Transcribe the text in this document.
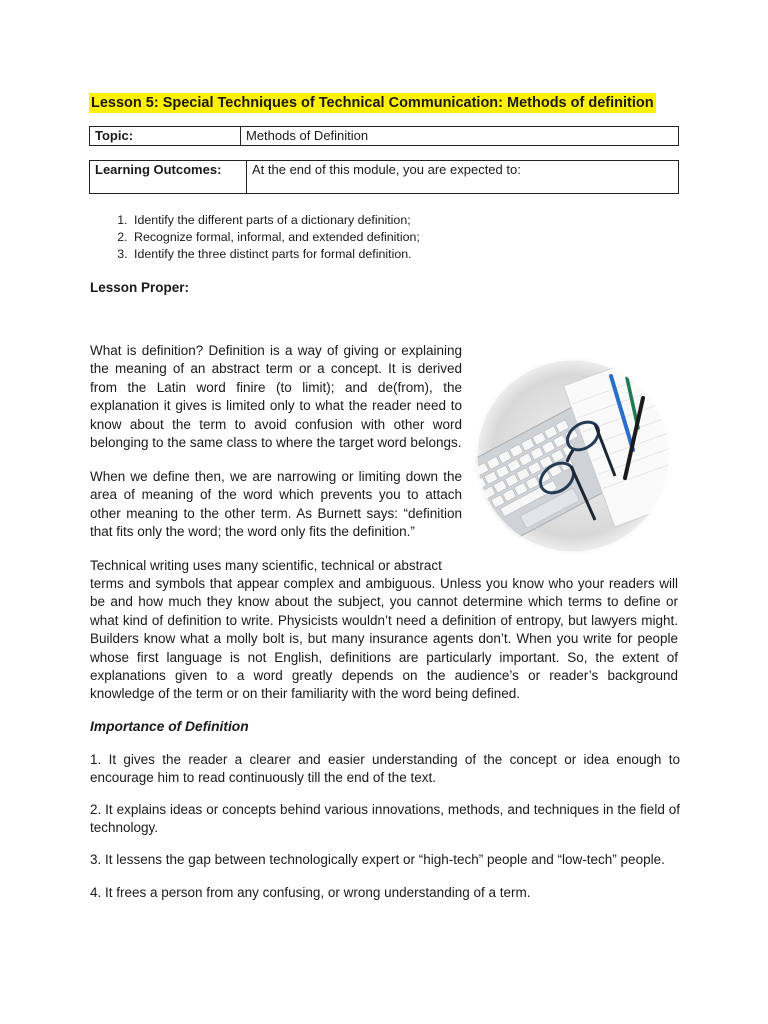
Lesson 5: Special Techniques of Technical Communication: Methods of definition
Topic:	Methods of Definition
Learning Outcomes:	At the end of this module, you are expected to:
1. Identify the different parts of a dictionary definition;
2. Recognize formal, informal, and extended definition;
3. Identify the three distinct parts for formal definition.
Lesson Proper:

What is definition? Definition is a way of giving or explaining the meaning of an abstract term or a concept. It is derived from the Latin word finire (to limit); and de(from), the explanation it gives is limited only to what the reader need to know about the term to avoid confusion with other word belonging to the same class to where the target word belongs.

When we define then, we are narrowing or limiting down the area of meaning of the word which prevents you to attach other meaning to the other term. As Burnett says: “definition that fits only the word; the word only fits the definition.”

Technical writing uses many scientific, technical or abstract

terms and symbols that appear complex and ambiguous. Unless you know who your readers will be and how much they know about the subject, you cannot determine which terms to define or what kind of definition to write. Physicists wouldn’t need a definition of entropy, but lawyers might. Builders know what a molly bolt is, but many insurance agents don’t. When you write for people whose first language is not English, definitions are particularly important. So, the extent of explanations given to a word greatly depends on the audience’s or reader’s background knowledge of the term or on their familiarity with the word being defined.

Importance of Definition

1. It gives the reader a clearer and easier understanding of the concept or idea enough to encourage him to read continuously till the end of the text.

2. It explains ideas or concepts behind various innovations, methods, and techniques in the field of technology.

3. It lessens the gap between technologically expert or “high-tech” people and “low-tech” people.

4. It frees a person from any confusing, or wrong understanding of a term.
